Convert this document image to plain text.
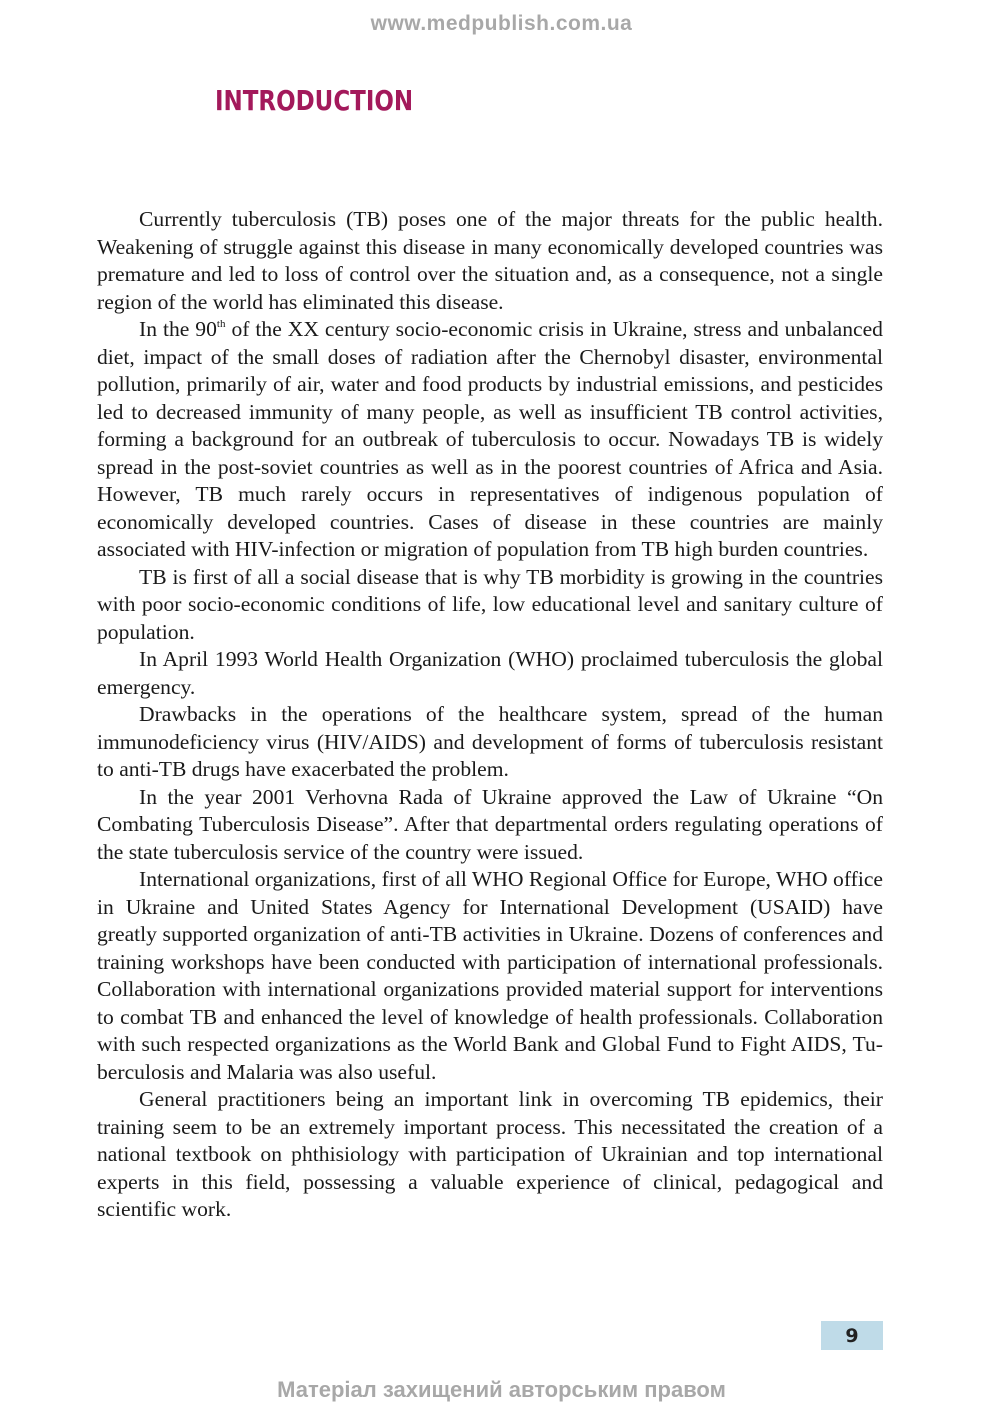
www.medpublish.com.ua
INTRODUCTION

Currently tuberculosis (TB) poses one of the major threats for the public health. Weakening of struggle against this disease in many economically developed countries was premature and led to loss of control over the situation and, as a consequence, not a single region of the world has eliminated this disease.

In the 90th of the XX century socio-economic crisis in Ukraine, stress and unbalanced diet, impact of the small doses of radiation after the Chernobyl disaster, environmental pollution, primarily of air, water and food products by industrial emissions, and pesticides led to decreased immunity of many people, as well as insufficient TB control activities, forming a background for an outbreak of tuberculosis to occur. Nowadays TB is widely spread in the post-soviet countries as well as in the poorest countries of Africa and Asia. However, TB much rarely occurs in representatives of indigenous population of economically developed countries. Cases of disease in these countries are mainly associated with HIV-infection or migration of population from TB high burden countries.

TB is first of all a social disease that is why TB morbidity is growing in the countries with poor socio-economic conditions of life, low educational level and sanitary culture of population.

In April 1993 World Health Organization (WHO) proclaimed tuberculosis the global emergency.

Drawbacks in the operations of the healthcare system, spread of the human immunodeficiency virus (HIV/AIDS) and development of forms of tuberculosis resistant to anti-TB drugs have exacerbated the problem.

In the year 2001 Verhovna Rada of Ukraine approved the Law of Ukraine “On Combating Tuberculosis Disease”. After that departmental orders regulating operations of the state tuberculosis service of the country were issued.

International organizations, first of all WHO Regional Office for Europe, WHO office in Ukraine and United States Agency for International Development (USAID) have greatly supported organization of anti-TB activities in Ukraine. Dozens of conferences and training workshops have been conducted with participation of international professionals. Collaboration with international organizations provided material support for interventions to combat TB and enhanced the level of knowledge of health professionals. Collaboration with such respected organizations as the World Bank and Global Fund to Fight AIDS, Tuberculosis and Malaria was also useful.

General practitioners being an important link in overcoming TB epidemics, their training seem to be an extremely important process. This necessitated the creation of a national textbook on phthisiology with participation of Ukrainian and top international experts in this field, possessing a valuable experience of clinical, pedagogical and scientific work.

9
Матеріал захищений авторським правом
